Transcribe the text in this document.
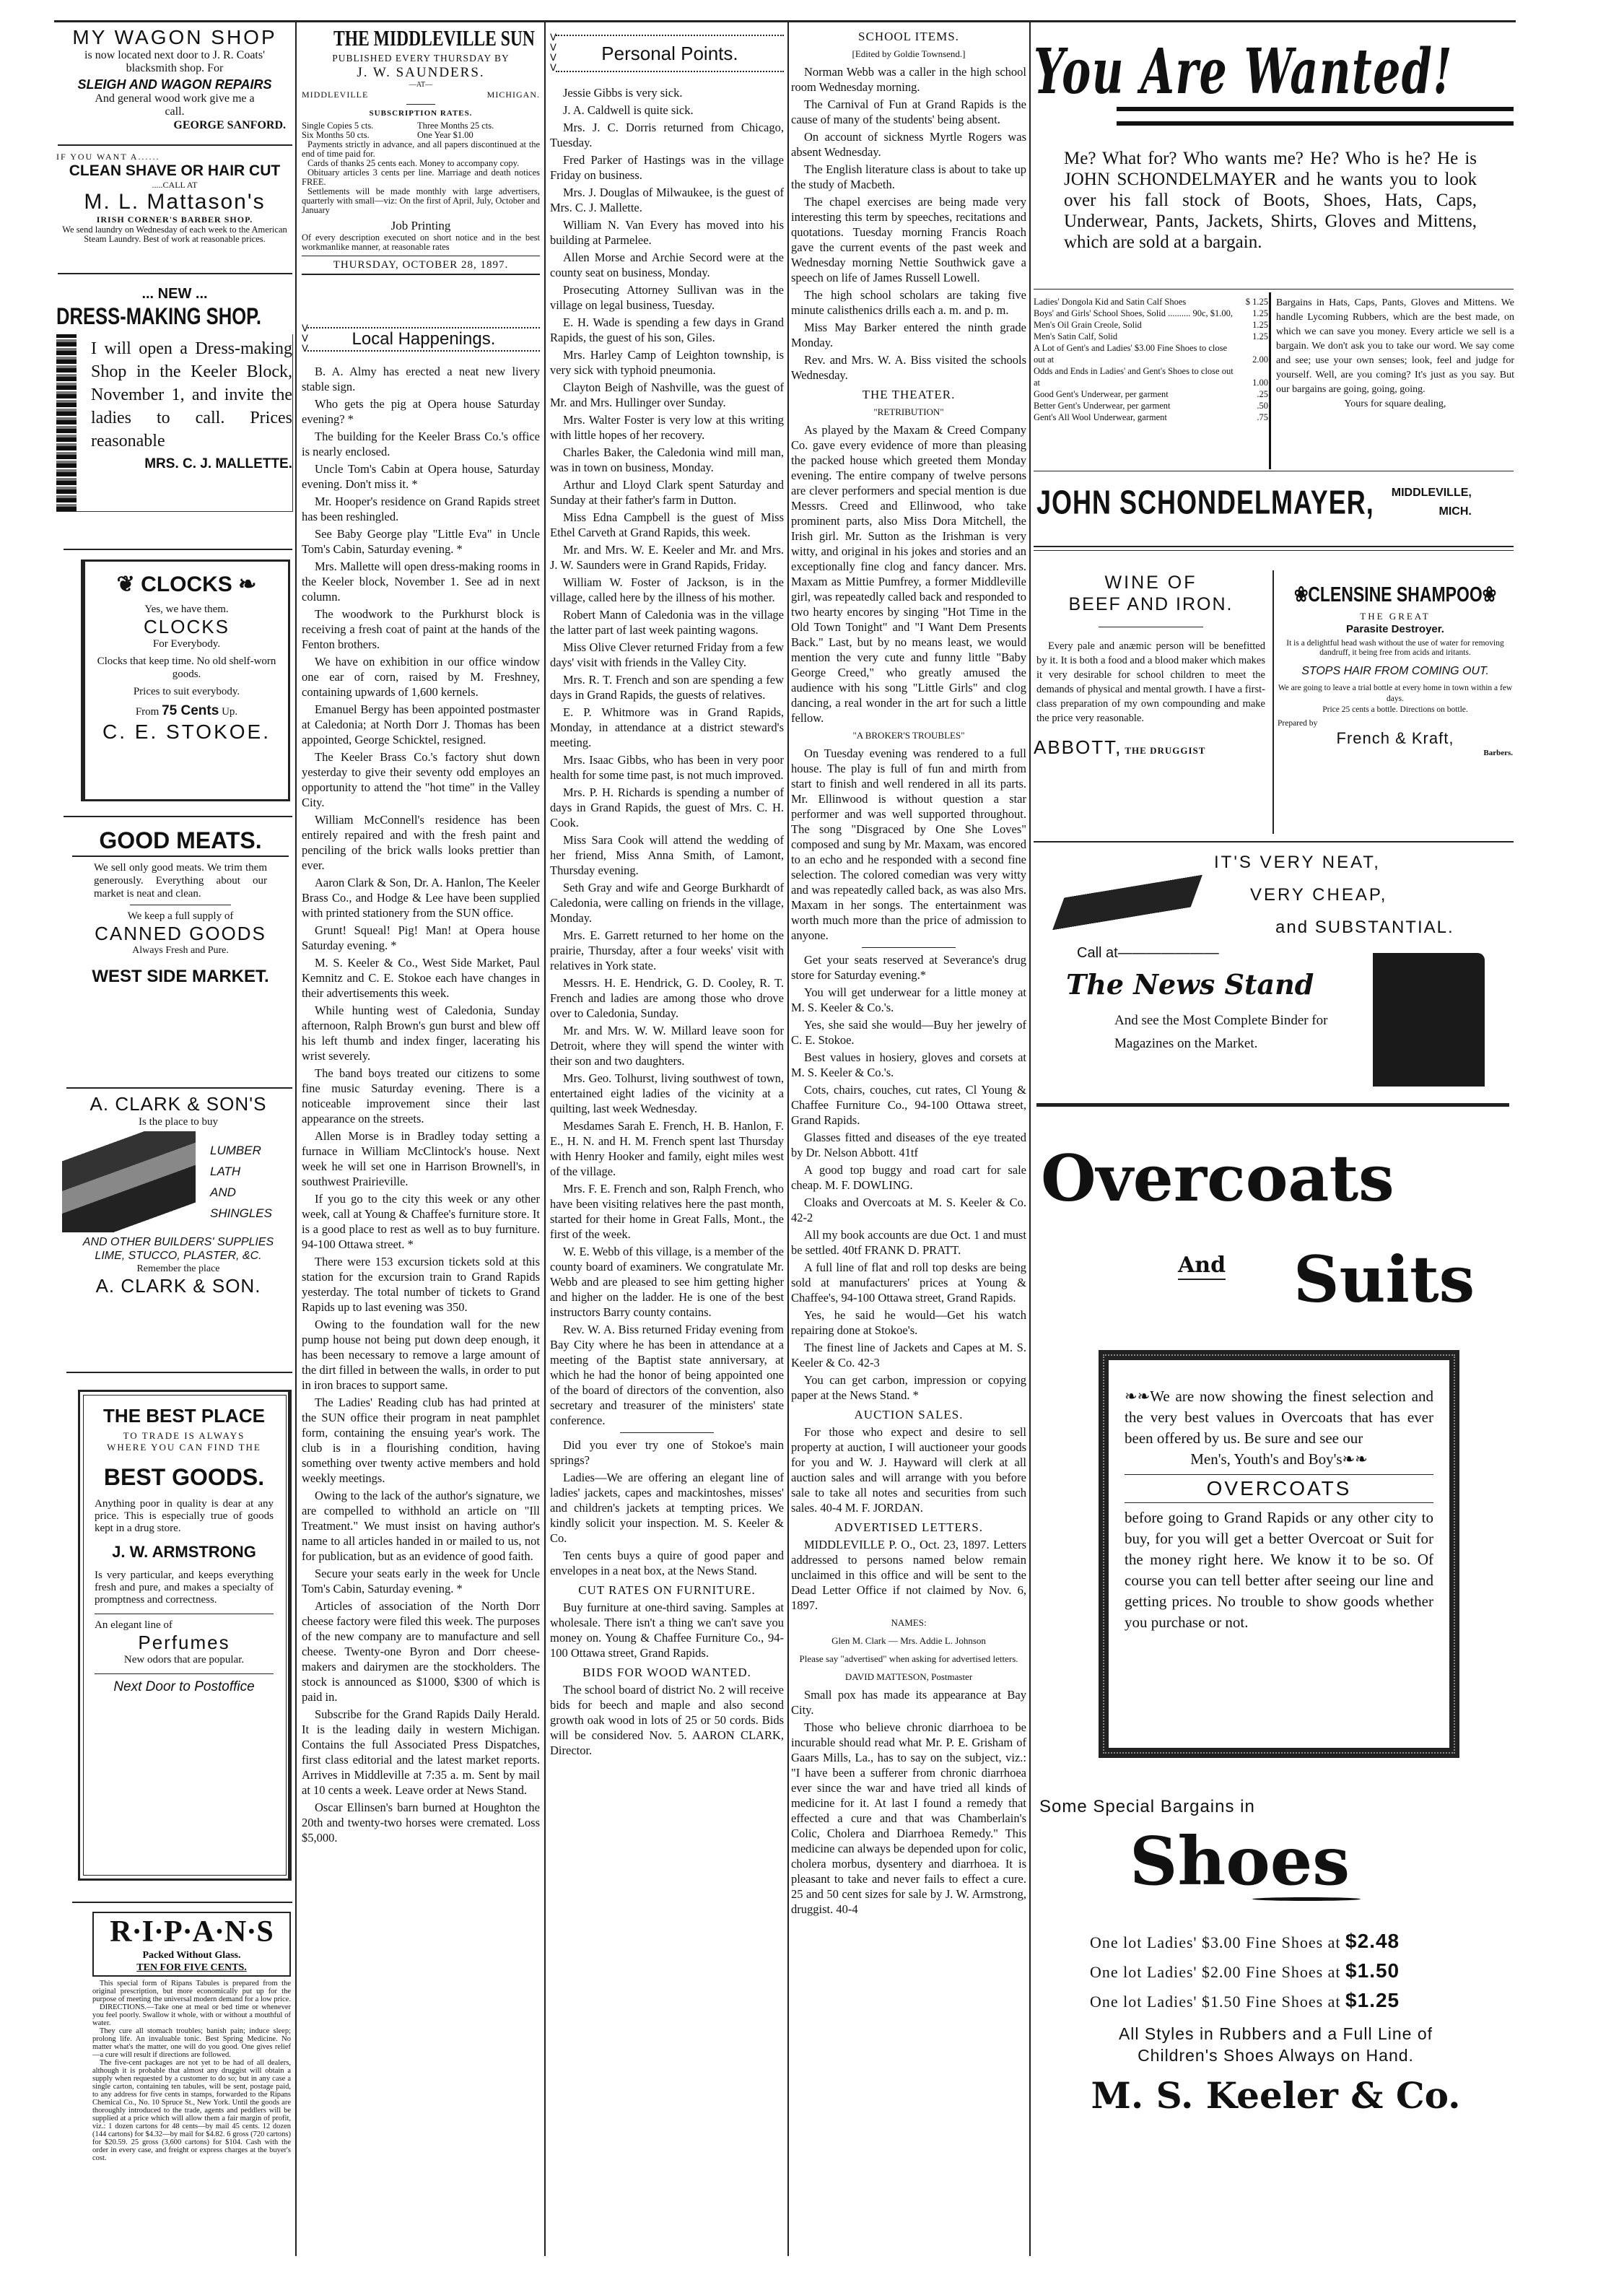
MY WAGON SHOP
is now located next door to J. R. Coats' blacksmith shop. For
SLEIGH AND WAGON REPAIRS
And general wood work give me a call.
GEORGE SANFORD.
IF YOU WANT A......
CLEAN SHAVE OR HAIR CUT
.....CALL AT
M. L. Mattason's
IRISH CORNER'S BARBER SHOP.
We send laundry on Wednesday of each week to the American Steam Laundry. Best of work at reasonable prices.
... NEW ...
DRESS-MAKING SHOP.
I will open a Dress-making Shop in the Keeler Block, November 1, and invite the ladies to call. Prices reasonable
MRS. C. J. MALLETTE.
❦ CLOCKS ❧
Yes, we have them.
CLOCKS
For Everybody.
Clocks that keep time. No old shelf-worn goods.
Prices to suit everybody.
From 75 Cents Up.
C. E. STOKOE.
GOOD MEATS.
We sell only good meats. We trim them generously. Everything about our market is neat and clean.
We keep a full supply of
CANNED GOODS
Always Fresh and Pure.
WEST SIDE MARKET.
A. CLARK & SON'S
Is the place to buy
LUMBER
LATH
AND
SHINGLES
AND OTHER BUILDERS' SUPPLIES
LIME, STUCCO, PLASTER, &C.
Remember the place
A. CLARK & SON.
THE BEST PLACE
TO TRADE IS ALWAYS WHERE YOU CAN FIND THE
BEST GOODS.
Anything poor in quality is dear at any price. This is especially true of goods kept in a drug store.
J. W. ARMSTRONG
Is very particular, and keeps everything fresh and pure, and makes a specialty of promptness and correctness.
An elegant line of
Perfumes
New odors that are popular.
Next Door to Postoffice
R·I·P·A·N·S
Packed Without Glass.
TEN FOR FIVE CENTS.

This special form of Ripans Tabules is prepared from the original prescription, but more economically put up for the purpose of meeting the universal modern demand for a low price.

DIRECTIONS.—Take one at meal or bed time or whenever you feel poorly. Swallow it whole, with or without a mouthful of water.

They cure all stomach troubles; banish pain; induce sleep; prolong life. An invaluable tonic. Best Spring Medicine. No matter what's the matter, one will do you good. One gives relief—a cure will result if directions are followed.

The five-cent packages are not yet to be had of all dealers, although it is probable that almost any druggist will obtain a supply when requested by a customer to do so; but in any case a single carton, containing ten tabules, will be sent, postage paid, to any address for five cents in stamps, forwarded to the Ripans Chemical Co., No. 10 Spruce St., New York. Until the goods are thoroughly introduced to the trade, agents and peddlers will be supplied at a price which will allow them a fair margin of profit, viz.: 1 dozen cartons for 48 cents—by mail 45 cents. 12 dozen (144 cartons) for $4.32—by mail for $4.82. 6 gross (720 cartons) for $20.59. 25 gross (3,600 cartons) for $104. Cash with the order in every case, and freight or express charges at the buyer's cost.

THE MIDDLEVILLE SUN
PUBLISHED EVERY THURSDAY BY
J. W. SAUNDERS.
—AT—
MIDDLEVILLE	MICHIGAN.
SUBSCRIPTION RATES.
Single Copies 5 cts.	Three Months 25 cts.
Six Months 50 cts.	One Year $1.00

Payments strictly in advance, and all papers discontinued at the end of time paid for.

Cards of thanks 25 cents each. Money to accompany copy.

Obituary articles 3 cents per line. Marriage and death notices FREE.

Settlements will be made monthly with large advertisers, quarterly with small—viz: On the first of April, July, October and January

Job Printing
Of every description executed on short notice and in the best workmanlike manner, at reasonable rates
THURSDAY, OCTOBER 28, 1897.
ᐯ
ᐯ
ᐯ
Local Happenings.

B. A. Almy has erected a neat new livery stable sign.

Who gets the pig at Opera house Saturday evening? *

The building for the Keeler Brass Co.'s office is nearly enclosed.

Uncle Tom's Cabin at Opera house, Saturday evening. Don't miss it. *

Mr. Hooper's residence on Grand Rapids street has been reshingled.

See Baby George play "Little Eva" in Uncle Tom's Cabin, Saturday evening. *

Mrs. Mallette will open dress-making rooms in the Keeler block, November 1. See ad in next column.

The woodwork to the Purkhurst block is receiving a fresh coat of paint at the hands of the Fenton brothers.

We have on exhibition in our office window one ear of corn, raised by M. Freshney, containing upwards of 1,600 kernels.

Emanuel Bergy has been appointed postmaster at Caledonia; at North Dorr J. Thomas has been appointed, George Schicktel, resigned.

The Keeler Brass Co.'s factory shut down yesterday to give their seventy odd employes an opportunity to attend the "hot time" in the Valley City.

William McConnell's residence has been entirely repaired and with the fresh paint and penciling of the brick walls looks prettier than ever.

Aaron Clark & Son, Dr. A. Hanlon, The Keeler Brass Co., and Hodge & Lee have been supplied with printed stationery from the SUN office.

Grunt! Squeal! Pig! Man! at Opera house Saturday evening. *

M. S. Keeler & Co., West Side Market, Paul Kemnitz and C. E. Stokoe each have changes in their advertisements this week.

While hunting west of Caledonia, Sunday afternoon, Ralph Brown's gun burst and blew off his left thumb and index finger, lacerating his wrist severely.

The band boys treated our citizens to some fine music Saturday evening. There is a noticeable improvement since their last appearance on the streets.

Allen Morse is in Bradley today setting a furnace in William McClintock's house. Next week he will set one in Harrison Brownell's, in southwest Prairieville.

If you go to the city this week or any other week, call at Young & Chaffee's furniture store. It is a good place to rest as well as to buy furniture. 94-100 Ottawa street. *

There were 153 excursion tickets sold at this station for the excursion train to Grand Rapids yesterday. The total number of tickets to Grand Rapids up to last evening was 350.

Owing to the foundation wall for the new pump house not being put down deep enough, it has been necessary to remove a large amount of the dirt filled in between the walls, in order to put in iron braces to support same.

The Ladies' Reading club has had printed at the SUN office their program in neat pamphlet form, containing the ensuing year's work. The club is in a flourishing condition, having something over twenty active members and hold weekly meetings.

Owing to the lack of the author's signature, we are compelled to withhold an article on "Ill Treatment." We must insist on having author's name to all articles handed in or mailed to us, not for publication, but as an evidence of good faith.

Secure your seats early in the week for Uncle Tom's Cabin, Saturday evening. *

Articles of association of the North Dorr cheese factory were filed this week. The purposes of the new company are to manufacture and sell cheese. Twenty-one Byron and Dorr cheese-makers and dairymen are the stockholders. The stock is announced as $1000, $300 of which is paid in.

Subscribe for the Grand Rapids Daily Herald. It is the leading daily in western Michigan. Contains the full Associated Press Dispatches, first class editorial and the latest market reports. Arrives in Middleville at 7:35 a. m. Sent by mail at 10 cents a week. Leave order at News Stand.

Oscar Ellinsen's barn burned at Houghton the 20th and twenty-two horses were cremated. Loss $5,000.

ᐯ
ᐯ
ᐯ
ᐯ
Personal Points.

Jessie Gibbs is very sick.

J. A. Caldwell is quite sick.

Mrs. J. C. Dorris returned from Chicago, Tuesday.

Fred Parker of Hastings was in the village Friday on business.

Mrs. J. Douglas of Milwaukee, is the guest of Mrs. C. J. Mallette.

William N. Van Every has moved into his building at Parmelee.

Allen Morse and Archie Secord were at the county seat on business, Monday.

Prosecuting Attorney Sullivan was in the village on legal business, Tuesday.

E. H. Wade is spending a few days in Grand Rapids, the guest of his son, Giles.

Mrs. Harley Camp of Leighton township, is very sick with typhoid pneumonia.

Clayton Beigh of Nashville, was the guest of Mr. and Mrs. Hullinger over Sunday.

Mrs. Walter Foster is very low at this writing with little hopes of her recovery.

Charles Baker, the Caledonia wind mill man, was in town on business, Monday.

Arthur and Lloyd Clark spent Saturday and Sunday at their father's farm in Dutton.

Miss Edna Campbell is the guest of Miss Ethel Carveth at Grand Rapids, this week.

Mr. and Mrs. W. E. Keeler and Mr. and Mrs. J. W. Saunders were in Grand Rapids, Friday.

William W. Foster of Jackson, is in the village, called here by the illness of his mother.

Robert Mann of Caledonia was in the village the latter part of last week painting wagons.

Miss Olive Clever returned Friday from a few days' visit with friends in the Valley City.

Mrs. R. T. French and son are spending a few days in Grand Rapids, the guests of relatives.

E. P. Whitmore was in Grand Rapids, Monday, in attendance at a district steward's meeting.

Mrs. Isaac Gibbs, who has been in very poor health for some time past, is not much improved.

Mrs. P. H. Richards is spending a number of days in Grand Rapids, the guest of Mrs. C. H. Cook.

Miss Sara Cook will attend the wedding of her friend, Miss Anna Smith, of Lamont, Thursday evening.

Seth Gray and wife and George Burkhardt of Caledonia, were calling on friends in the village, Monday.

Mrs. E. Garrett returned to her home on the prairie, Thursday, after a four weeks' visit with relatives in York state.

Messrs. H. E. Hendrick, G. D. Cooley, R. T. French and ladies are among those who drove over to Caledonia, Sunday.

Mr. and Mrs. W. W. Millard leave soon for Detroit, where they will spend the winter with their son and two daughters.

Mrs. Geo. Tolhurst, living southwest of town, entertained eight ladies of the vicinity at a quilting, last week Wednesday.

Mesdames Sarah E. French, H. B. Hanlon, F. E., H. N. and H. M. French spent last Thursday with Henry Hooker and family, eight miles west of the village.

Mrs. F. E. French and son, Ralph French, who have been visiting relatives here the past month, started for their home in Great Falls, Mont., the first of the week.

W. E. Webb of this village, is a member of the county board of examiners. We congratulate Mr. Webb and are pleased to see him getting higher and higher on the ladder. He is one of the best instructors Barry county contains.

Rev. W. A. Biss returned Friday evening from Bay City where he has been in attendance at a meeting of the Baptist state anniversary, at which he had the honor of being appointed one of the board of directors of the convention, also secretary and treasurer of the ministers' state conference.

Did you ever try one of Stokoe's main springs?

Ladies—We are offering an elegant line of ladies' jackets, capes and mackintoshes, misses' and children's jackets at tempting prices. We kindly solicit your inspection. M. S. Keeler & Co.

Ten cents buys a quire of good paper and envelopes in a neat box, at the News Stand.

CUT RATES ON FURNITURE.

Buy furniture at one-third saving. Samples at wholesale. There isn't a thing we can't save you money on. Young & Chaffee Furniture Co., 94-100 Ottawa street, Grand Rapids.

BIDS FOR WOOD WANTED.

The school board of district No. 2 will receive bids for beech and maple and also second growth oak wood in lots of 25 or 50 cords. Bids will be considered Nov. 5. AARON CLARK, Director.

SCHOOL ITEMS.
[Edited by Goldie Townsend.]

Norman Webb was a caller in the high school room Wednesday morning.

The Carnival of Fun at Grand Rapids is the cause of many of the students' being absent.

On account of sickness Myrtle Rogers was absent Wednesday.

The English literature class is about to take up the study of Macbeth.

The chapel exercises are being made very interesting this term by speeches, recitations and quotations. Tuesday morning Francis Roach gave the current events of the past week and Wednesday morning Nettie Southwick gave a speech on life of James Russell Lowell.

The high school scholars are taking five minute calisthenics drills each a. m. and p. m.

Miss May Barker entered the ninth grade Monday.

Rev. and Mrs. W. A. Biss visited the schools Wednesday.

THE THEATER.
"RETRIBUTION"

As played by the Maxam & Creed Company Co. gave every evidence of more than pleasing the packed house which greeted them Monday evening. The entire company of twelve persons are clever performers and special mention is due Messrs. Creed and Ellinwood, who take prominent parts, also Miss Dora Mitchell, the Irish girl. Mr. Sutton as the Irishman is very witty, and original in his jokes and stories and an exceptionally fine clog and fancy dancer. Mrs. Maxam as Mittie Pumfrey, a former Middleville girl, was repeatedly called back and responded to two hearty encores by singing "Hot Time in the Old Town Tonight" and "I Want Dem Presents Back." Last, but by no means least, we would mention the very cute and funny little "Baby George Creed," who greatly amused the audience with his song "Little Girls" and clog dancing, a real wonder in the art for such a little fellow.

"A BROKER'S TROUBLES"

On Tuesday evening was rendered to a full house. The play is full of fun and mirth from start to finish and well rendered in all its parts. Mr. Ellinwood is without question a star performer and was well supported throughout. The song "Disgraced by One She Loves" composed and sung by Mr. Maxam, was encored to an echo and he responded with a second fine selection. The colored comedian was very witty and was repeatedly called back, as was also Mrs. Maxam in her songs. The entertainment was worth much more than the price of admission to anyone.

Get your seats reserved at Severance's drug store for Saturday evening.*

You will get underwear for a little money at M. S. Keeler & Co.'s.

Yes, she said she would—Buy her jewelry of C. E. Stokoe.

Best values in hosiery, gloves and corsets at M. S. Keeler & Co.'s.

Cots, chairs, couches, cut rates, Cl Young & Chaffee Furniture Co., 94-100 Ottawa street, Grand Rapids.

Glasses fitted and diseases of the eye treated by Dr. Nelson Abbott. 41tf

A good top buggy and road cart for sale cheap. M. F. DOWLING.

Cloaks and Overcoats at M. S. Keeler & Co. 42-2

All my book accounts are due Oct. 1 and must be settled. 40tf FRANK D. PRATT.

A full line of flat and roll top desks are being sold at manufacturers' prices at Young & Chaffee's, 94-100 Ottawa street, Grand Rapids.

Yes, he said he would—Get his watch repairing done at Stokoe's.

The finest line of Jackets and Capes at M. S. Keeler & Co. 42-3

You can get carbon, impression or copying paper at the News Stand. *

AUCTION SALES.

For those who expect and desire to sell property at auction, I will auctioneer your goods for you and W. J. Hayward will clerk at all auction sales and will arrange with you before sale to take all notes and securities from such sales. 40-4 M. F. JORDAN.

ADVERTISED LETTERS.

MIDDLEVILLE P. O., Oct. 23, 1897. Letters addressed to persons named below remain unclaimed in this office and will be sent to the Dead Letter Office if not claimed by Nov. 6, 1897.

NAMES:
Glen M. Clark — Mrs. Addie L. Johnson
Please say "advertised" when asking for advertised letters.
DAVID MATTESON, Postmaster

Small pox has made its appearance at Bay City.

Those who believe chronic diarrhoea to be incurable should read what Mr. P. E. Grisham of Gaars Mills, La., has to say on the subject, viz.: "I have been a sufferer from chronic diarrhoea ever since the war and have tried all kinds of medicine for it. At last I found a remedy that effected a cure and that was Chamberlain's Colic, Cholera and Diarrhoea Remedy." This medicine can always be depended upon for colic, cholera morbus, dysentery and diarrhoea. It is pleasant to take and never fails to effect a cure. 25 and 50 cent sizes for sale by J. W. Armstrong, druggist. 40-4

You Are Wanted!
Me? What for? Who wants me? He? Who is he? He is JOHN SCHONDELMAYER and he wants you to look over his fall stock of Boots, Shoes, Hats, Caps, Underwear, Pants, Jackets, Shirts, Gloves and Mittens, which are sold at a bargain.
Ladies' Dongola Kid and Satin Calf Shoes	$ 1.25
Boys' and Girls' School Shoes, Solid .......... 90c, $1.00,	1.25
Men's Oil Grain Creole, Solid	1.25
Men's Satin Calf, Solid	1.25
A Lot of Gent's and Ladies' $3.00 Fine Shoes to close out at	2.00
Odds and Ends in Ladies' and Gent's Shoes to close out at	1.00
Good Gent's Underwear, per garment	.25
Better Gent's Underwear, per garment	.50
Gent's All Wool Underwear, garment	.75
Bargains in Hats, Caps, Pants, Gloves and Mittens. We handle Lycoming Rubbers, which are the best made, on which we can save you money. Every article we sell is a bargain. We don't ask you to take our word. We say come and see; use your own senses; look, feel and judge for yourself. Well, are you coming? It's just as you say. But our bargains are going, going, going.
Yours for square dealing,
JOHN SCHONDELMAYER, MIDDLEVILLE,
MICH.
WINE OF
BEEF AND IRON.
Every pale and anæmic person will be benefitted by it. It is both a food and a blood maker which makes it very desirable for school children to meet the demands of physical and mental growth. I have a first-class preparation of my own compounding and make the price very reasonable.
ABBOTT, THE DRUGGIST
❀CLENSINE SHAMPOO❀
THE GREAT
Parasite Destroyer.
It is a delightful head wash without the use of water for removing dandruff, it being free from acids and iritants.
STOPS HAIR FROM COMING OUT.
We are going to leave a trial bottle at every home in town within a few days.
Price 25 cents a bottle. Directions on bottle.
Prepared by
French & Kraft,
Barbers.
IT'S VERY NEAT,
VERY CHEAP,
and SUBSTANTIAL.
Call at———————
The News Stand
And see the Most Complete Binder for Magazines on the Market.
Overcoats
And Suits
❧❧We are now showing the finest selection and the very best values in Overcoats that has ever been offered by us. Be sure and see our
Men's, Youth's and Boy's❧❧
OVERCOATS
before going to Grand Rapids or any other city to buy, for you will get a better Overcoat or Suit for the money right here. We know it to be so. Of course you can tell better after seeing our line and getting prices. No trouble to show goods whether you purchase or not.
Some Special Bargains in
Shoes
One lot Ladies' $3.00 Fine Shoes at $2.48
One lot Ladies' $2.00 Fine Shoes at $1.50
One lot Ladies' $1.50 Fine Shoes at $1.25
All Styles in Rubbers and a Full Line of
Children's Shoes Always on Hand.
M. S. Keeler & Co.
